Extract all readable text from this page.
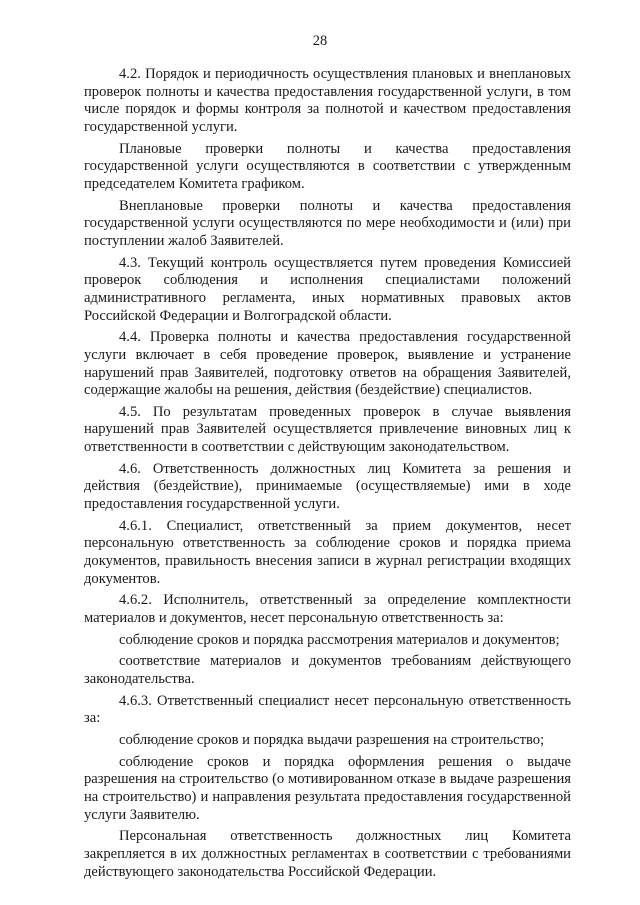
28

4.2. Порядок и периодичность осуществления плановых и внеплановых проверок полноты и качества предоставления государственной услуги, в том числе порядок и формы контроля за полнотой и качеством предоставления государственной услуги.

Плановые проверки полноты и качества предоставления государственной услуги осуществляются в соответствии с утвержденным председателем Комитета графиком.

Внеплановые проверки полноты и качества предоставления государственной услуги осуществляются по мере необходимости и (или) при поступлении жалоб Заявителей.

4.3. Текущий контроль осуществляется путем проведения Комиссией проверок соблюдения и исполнения специалистами положений административного регламента, иных нормативных правовых актов Российской Федерации и Волгоградской области.

4.4. Проверка полноты и качества предоставления государственной услуги включает в себя проведение проверок, выявление и устранение нарушений прав Заявителей, подготовку ответов на обращения Заявителей, содержащие жалобы на решения, действия (бездействие) специалистов.

4.5. По результатам проведенных проверок в случае выявления нарушений прав Заявителей осуществляется привлечение виновных лиц к ответственности в соответствии с действующим законодательством.

4.6. Ответственность должностных лиц Комитета за решения и действия (бездействие), принимаемые (осуществляемые) ими в ходе предоставления государственной услуги.

4.6.1. Специалист, ответственный за прием документов, несет персональную ответственность за соблюдение сроков и порядка приема документов, правильность внесения записи в журнал регистрации входящих документов.

4.6.2. Исполнитель, ответственный за определение комплектности материалов и документов, несет персональную ответственность за:

соблюдение сроков и порядка рассмотрения материалов и документов;

соответствие материалов и документов требованиям действующего законодательства.

4.6.3. Ответственный специалист несет персональную ответственность за:

соблюдение сроков и порядка выдачи разрешения на строительство;

соблюдение сроков и порядка оформления решения о выдаче разрешения на строительство (о мотивированном отказе в выдаче разрешения на строительство) и направления результата предоставления государственной услуги Заявителю.

Персональная ответственность должностных лиц Комитета закрепляется в их должностных регламентах в соответствии с требованиями действующего законодательства Российской Федерации.
